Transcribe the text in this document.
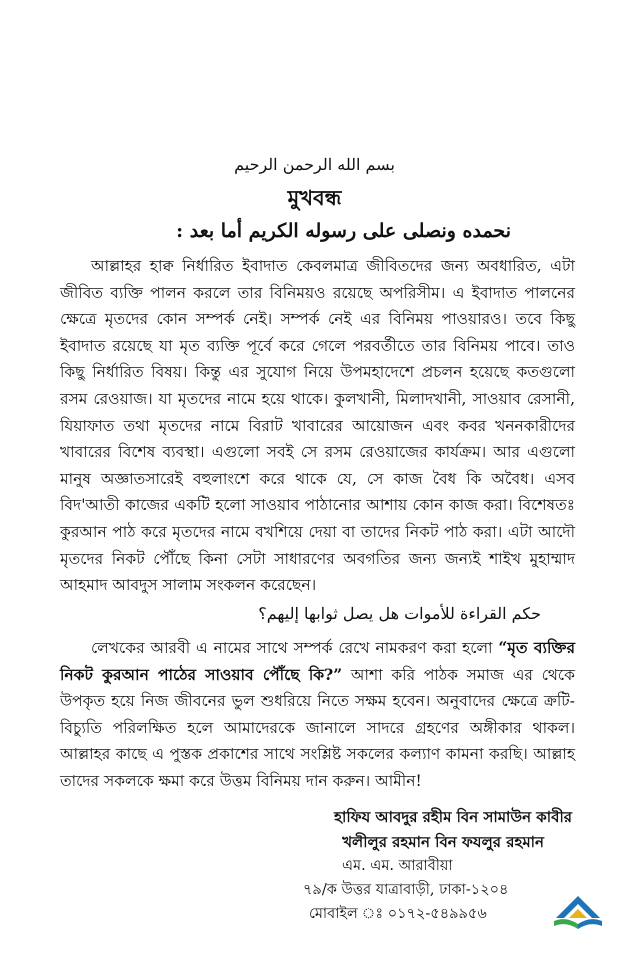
بسم الله الرحمن الرحيم
মুখবন্ধ
نحمده ونصلى على رسوله الكريم أما بعد :

আল্লাহর হাক্ব নির্ধারিত ইবাদাত কেবলমাত্র জীবিতদের জন্য অবধারিত, এটা জীবিত ব্যক্তি পালন করলে তার বিনিময়ও রয়েছে অপরিসীম। এ ইবাদাত পালনের ক্ষেত্রে মৃতদের কোন সম্পর্ক নেই। সম্পর্ক নেই এর বিনিময় পাওয়ারও। তবে কিছু ইবাদাত রয়েছে যা মৃত ব্যক্তি পূর্বে করে গেলে পরবর্তীতে তার বিনিময় পাবে। তাও কিছু নির্ধারিত বিষয়। কিন্তু এর সুযোগ নিয়ে উপমহাদেশে প্রচলন হয়েছে কতগুলো রসম রেওয়াজ। যা মৃতদের নামে হয়ে থাকে। কুলখানী, মিলাদখানী, সাওয়াব রেসানী, যিয়াফাত তথা মৃতদের নামে বিরাট খাবারের আয়োজন এবং কবর খননকারীদের খাবারের বিশেষ ব্যবস্থা। এগুলো সবই সে রসম রেওয়াজের কার্যক্রম। আর এগুলো মানুষ অজ্ঞাতসারেই বহুলাংশে করে থাকে যে, সে কাজ বৈধ কি অবৈধ। এসব বিদ'আতী কাজের একটি হলো সাওয়াব পাঠানোর আশায় কোন কাজ করা। বিশেষতঃ কুরআন পাঠ করে মৃতদের নামে বখশিয়ে দেয়া বা তাদের নিকট পাঠ করা। এটা আদৌ মৃতদের নিকট পৌঁছে কিনা সেটা সাধারণের অবগতির জন্য জন্যই শাইখ মুহাম্মাদ আহমাদ আবদুস সালাম সংকলন করেছেন।

حكم القراءة للأموات هل يصل ثوابها إليهم؟

লেখকের আরবী এ নামের সাথে সম্পর্ক রেখে নামকরণ করা হলো “মৃত ব্যক্তির নিকট কুরআন পাঠের সাওয়াব পৌঁছে কি?” আশা করি পাঠক সমাজ এর থেকে উপকৃত হয়ে নিজ জীবনের ভুল শুধরিয়ে নিতে সক্ষম হবেন। অনুবাদের ক্ষেত্রে ক্রটি-বিচ্যুতি পরিলক্ষিত হলে আমাদেরকে জানালে সাদরে গ্রহণের অঙ্গীকার থাকল। আল্লাহর কাছে এ পুস্তক প্রকাশের সাথে সংশ্লিষ্ট সকলের কল্যাণ কামনা করছি। আল্লাহ তাদের সকলকে ক্ষমা করে উত্তম বিনিময় দান করুন। আমীন!

হাফিয আবদুর রহীম বিন সামাউন কাবীর
খলীলুর রহমান বিন ফযলুর রহমান
এম. এম. আরাবীয়া
৭৯/ক উত্তর যাত্রাবাড়ী, ঢাকা-১২০৪
মোবাইল ঃ ০১৭২-৫৪৯৯৫৬
